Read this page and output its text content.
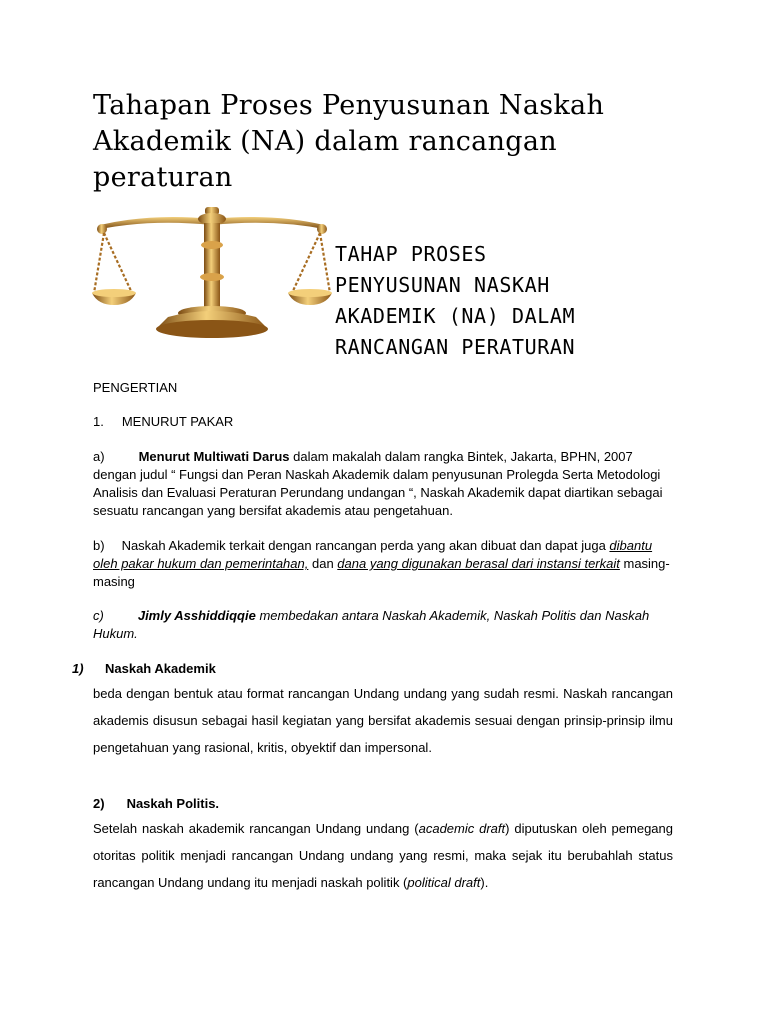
Tahapan Proses Penyusunan Naskah Akademik (NA) dalam rancangan peraturan
TAHAP PROSES
PENYUSUNAN NASKAH
AKADEMIK (NA) DALAM
RANCANGAN PERATURAN

PENGERTIAN

1. MENURUT PAKAR

a)	Menurut Multiwati Darus dalam makalah dalam rangka Bintek, Jakarta, BPHN, 2007 dengan judul “ Fungsi dan Peran Naskah Akademik dalam penyusunan Prolegda Serta Metodologi Analisis dan Evaluasi Peraturan Perundang undangan “, Naskah Akademik dapat diartikan sebagai sesuatu rancangan yang bersifat akademis atau pengetahuan.

b) Naskah Akademik terkait dengan rancangan perda yang akan dibuat dan dapat juga dibantu oleh pakar hukum dan pemerintahan, dan dana yang digunakan berasal dari instansi terkait masing-masing

c)	Jimly Asshiddiqqie membedakan antara Naskah Akademik, Naskah Politis dan Naskah Hukum.

1) Naskah Akademik

beda dengan bentuk atau format rancangan Undang undang yang sudah resmi. Naskah rancangan akademis disusun sebagai hasil kegiatan yang bersifat akademis sesuai dengan prinsip-prinsip ilmu pengetahuan yang rasional, kritis, obyektif dan impersonal.

2) Naskah Politis.

Setelah naskah akademik rancangan Undang undang (academic draft) diputuskan oleh pemegang otoritas politik menjadi rancangan Undang undang yang resmi, maka sejak itu berubahlah status rancangan Undang undang itu menjadi naskah politik (political draft).
